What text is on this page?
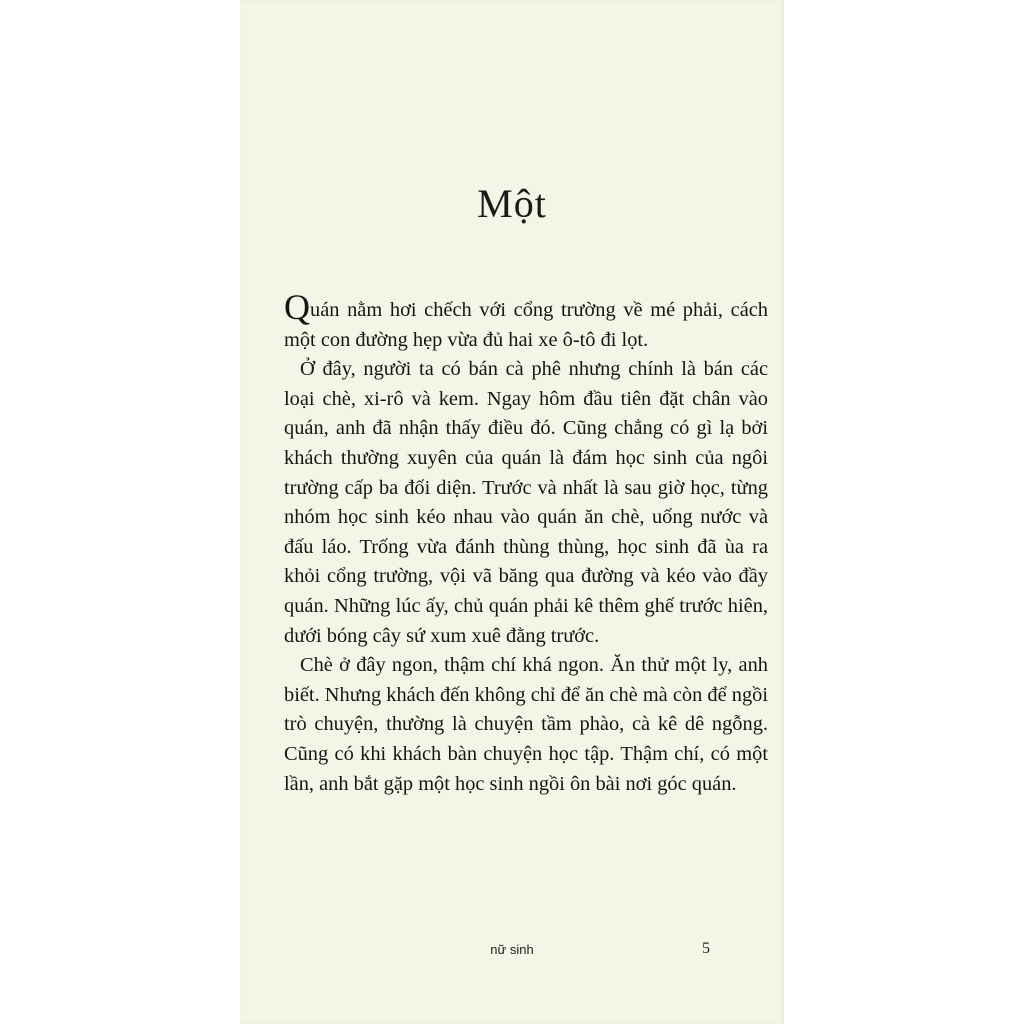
Một

Quán nằm hơi chếch với cổng trường về mé phải, cách một con đường hẹp vừa đủ hai xe ô-tô đi lọt.

Ở đây, người ta có bán cà phê nhưng chính là bán các loại chè, xi-rô và kem. Ngay hôm đầu tiên đặt chân vào quán, anh đã nhận thấy điều đó. Cũng chẳng có gì lạ bởi khách thường xuyên của quán là đám học sinh của ngôi trường cấp ba đối diện. Trước và nhất là sau giờ học, từng nhóm học sinh kéo nhau vào quán ăn chè, uống nước và đấu láo. Trống vừa đánh thùng thùng, học sinh đã ùa ra khỏi cổng trường, vội vã băng qua đường và kéo vào đầy quán. Những lúc ấy, chủ quán phải kê thêm ghế trước hiên, dưới bóng cây sứ xum xuê đằng trước.

Chè ở đây ngon, thậm chí khá ngon. Ăn thử một ly, anh biết. Nhưng khách đến không chỉ để ăn chè mà còn để ngồi trò chuyện, thường là chuyện tầm phào, cà kê dê ngỗng. Cũng có khi khách bàn chuyện học tập. Thậm chí, có một lần, anh bắt gặp một học sinh ngồi ôn bài nơi góc quán.

nữ sinh	5
